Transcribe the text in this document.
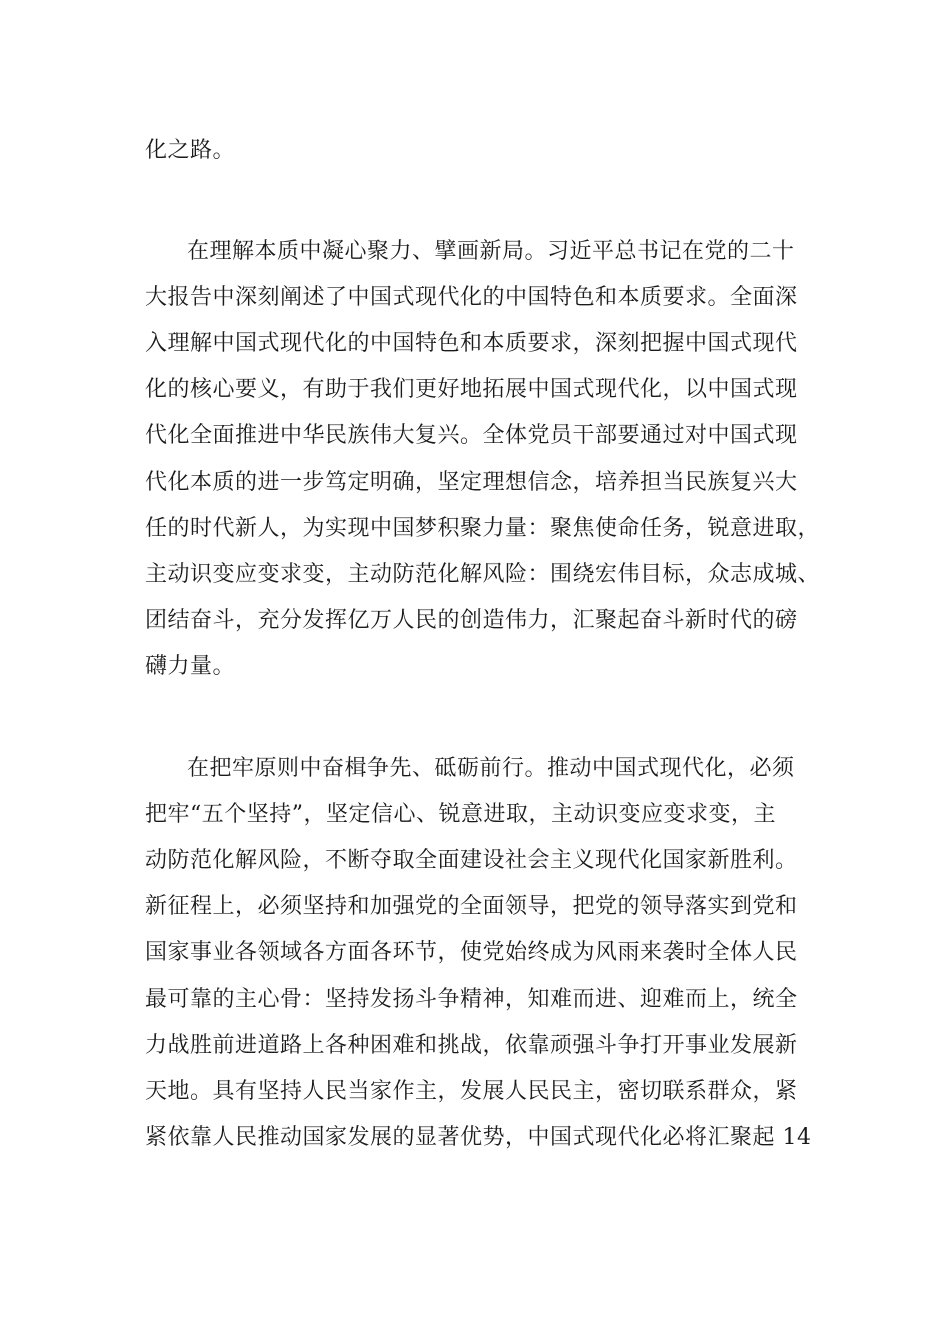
化之路。
在理解本质中凝心聚力、擘画新局。习近平总书记在党的二十
大报告中深刻阐述了中国式现代化的中国特色和本质要求。全面深
入理解中国式现代化的中国特色和本质要求，深刻把握中国式现代
化的核心要义，有助于我们更好地拓展中国式现代化，以中国式现
代化全面推进中华民族伟大复兴。全体党员干部要通过对中国式现
代化本质的进一步笃定明确，坚定理想信念，培养担当民族复兴大
任的时代新人，为实现中国梦积聚力量：聚焦使命任务，锐意进取，
主动识变应变求变，主动防范化解风险：围绕宏伟目标，众志成城、
团结奋斗，充分发挥亿万人民的创造伟力，汇聚起奋斗新时代的磅
礴力量。
在把牢原则中奋楫争先、砥砺前行。推动中国式现代化，必须
把牢“五个坚持”，坚定信心、锐意进取，主动识变应变求变，主
动防范化解风险，不断夺取全面建设社会主义现代化国家新胜利。
新征程上，必须坚持和加强党的全面领导，把党的领导落实到党和
国家事业各领域各方面各环节，使党始终成为风雨来袭时全体人民
最可靠的主心骨：坚持发扬斗争精神，知难而进、迎难而上，统全
力战胜前进道路上各种困难和挑战，依靠顽强斗争打开事业发展新
天地。具有坚持人民当家作主，发展人民民主，密切联系群众，紧
紧依靠人民推动国家发展的显著优势，中国式现代化必将汇聚起 14
